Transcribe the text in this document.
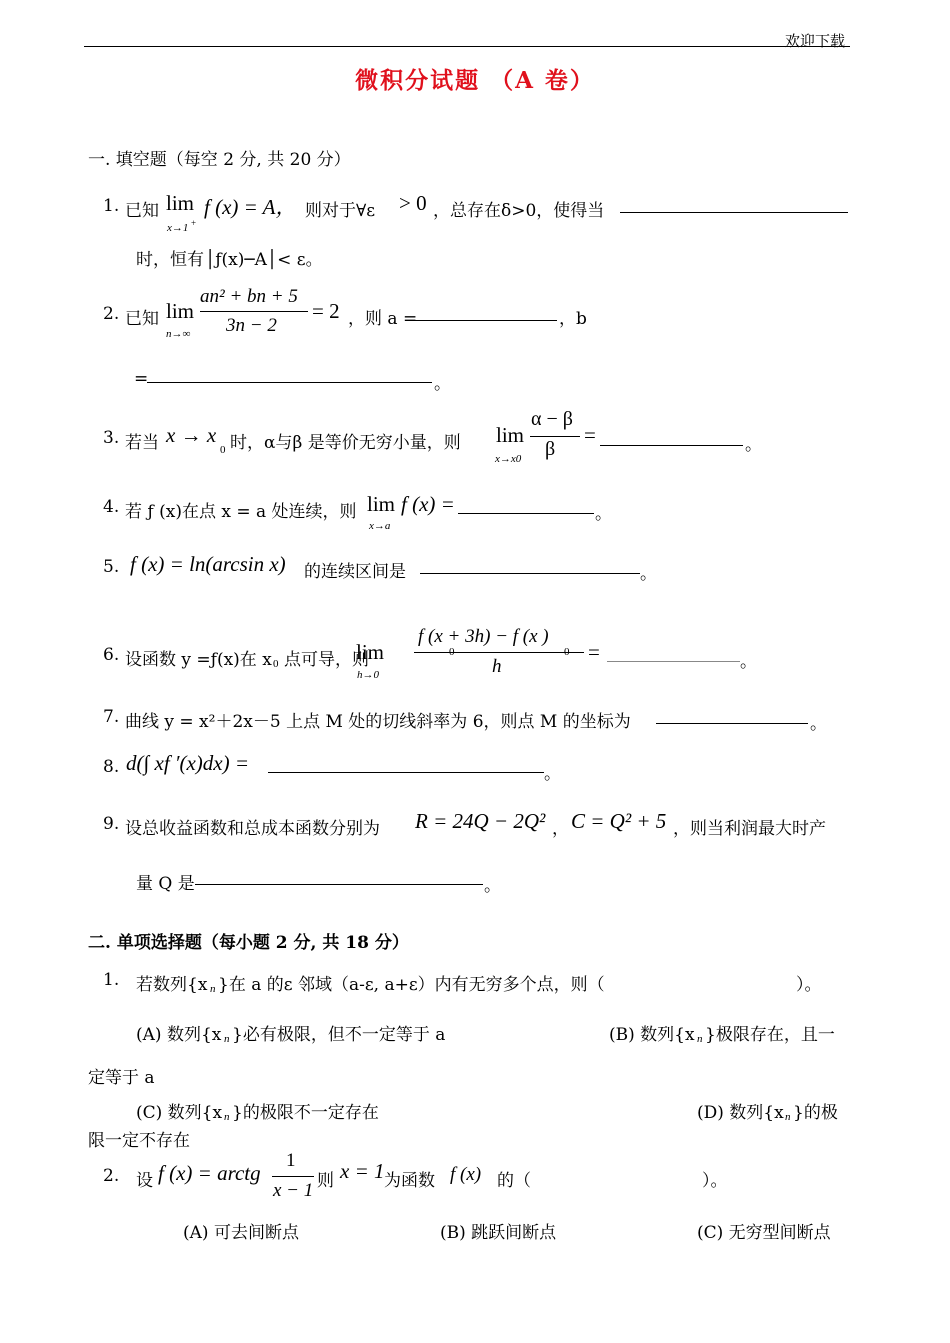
欢迎下载
微积分试题 （A 卷）
一. 填空题（每空 2 分, 共 20 分）
1. 已知 lim
x→1 +
f (x) = A， 则对于∀ε > 0 ，总存在δ>0，使得当
时，恒有 │ƒ(x)─A│< ε。
2. 已知 lim
n→∞
an² + bn + 5
3n − 2
= 2 ，则 a =	，b
=	。
3. 若当 x → x
0 时，α与β 是等价无穷小量，则 lim
x→x0
α − β
β
=	。
4. 若 ƒ (x)在点 x = a 处连续，则 lim
x→a
f (x) =	。
5. f (x) = ln(arcsin x) 的连续区间是	。
6. 设函数 y =ƒ(x)在 x 0 点可导，则
lim
h→0
f (x + 3h) − f (x )
0	0
h
=	。
7. 曲线 y = x²＋2x－5 上点 M 处的切线斜率为 6，则点 M 的坐标为	。
8. d(∫ xf ′(x)dx) =	。
9. 设总收益函数和总成本函数分别为 R = 24Q − 2Q² ， C = Q² + 5 ，则当利润最大时产
量 Q 是	。
二. 单项选择题（每小题 2 分, 共 18 分）
1. 若数列{x n }在 a 的ε 邻域（a-ε, a+ε）内有无穷多个点，则（	）。
(A) 数列{x n }必有极限，但不一定等于 a	(B) 数列{x n }极限存在，且一
定等于 a
(C) 数列{x n }的极限不一定存在	(D) 数列{x n }的极
限一定不存在
2. 设 f (x) = arctg
1
x − 1 则 x = 1 为函数 f (x) 的（	）。
(A) 可去间断点	(B) 跳跃间断点	(C) 无穷型间断点
